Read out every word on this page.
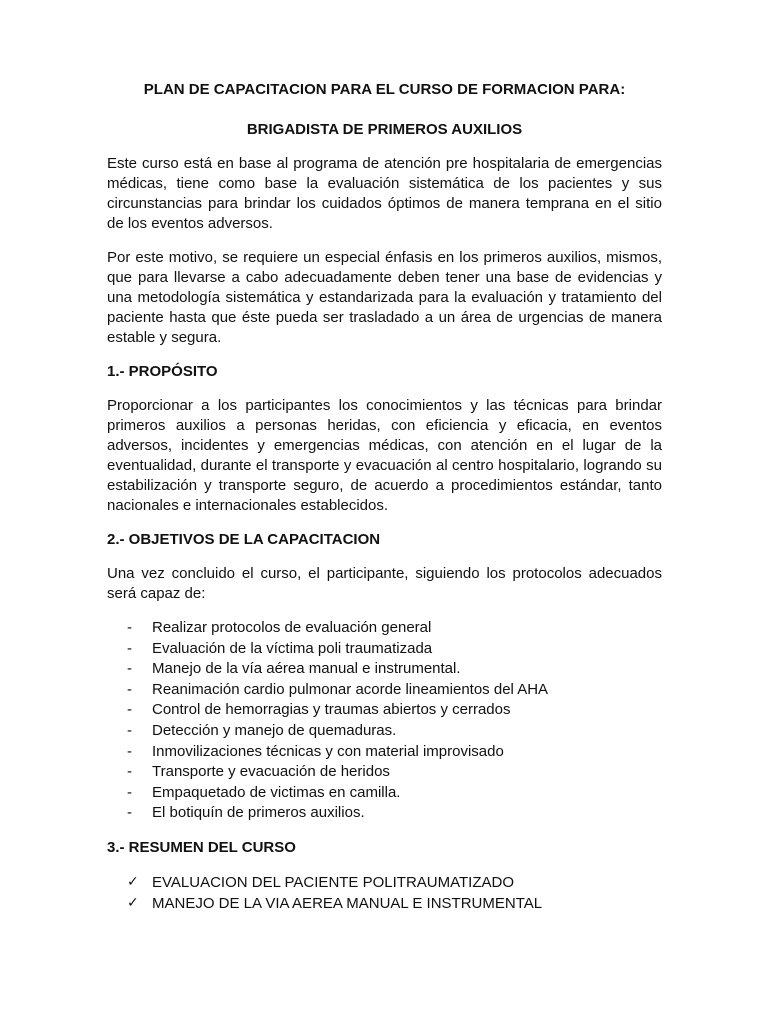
PLAN DE CAPACITACION PARA EL CURSO DE FORMACION PARA:

BRIGADISTA DE PRIMEROS AUXILIOS

Este curso está en base al programa de atención pre hospitalaria de emergencias médicas, tiene como base la evaluación sistemática de los pacientes y sus circunstancias para brindar los cuidados óptimos de manera temprana en el sitio de los eventos adversos.

Por este motivo, se requiere un especial énfasis en los primeros auxilios, mismos, que para llevarse a cabo adecuadamente deben tener una base de evidencias y una metodología sistemática y estandarizada para la evaluación y tratamiento del paciente hasta que éste pueda ser trasladado a un área de urgencias de manera estable y segura.

1.- PROPÓSITO

Proporcionar a los participantes los conocimientos y las técnicas para brindar primeros auxilios a personas heridas, con eficiencia y eficacia, en eventos adversos, incidentes y emergencias médicas, con atención en el lugar de la eventualidad, durante el transporte y evacuación al centro hospitalario, logrando su estabilización y transporte seguro, de acuerdo a procedimientos estándar, tanto nacionales e internacionales establecidos.

2.- OBJETIVOS DE LA CAPACITACION

Una vez concluido el curso, el participante, siguiendo los protocolos adecuados será capaz de:

- Realizar protocolos de evaluación general
- Evaluación de la víctima poli traumatizada
- Manejo de la vía aérea manual e instrumental.
- Reanimación cardio pulmonar acorde lineamientos del AHA
- Control de hemorragias y traumas abiertos y cerrados
- Detección y manejo de quemaduras.
- Inmovilizaciones técnicas y con material improvisado
- Transporte y evacuación de heridos
- Empaquetado de victimas en camilla.
- El botiquín de primeros auxilios.
3.- RESUMEN DEL CURSO
✓ EVALUACION DEL PACIENTE POLITRAUMATIZADO
✓ MANEJO DE LA VIA AEREA MANUAL E INSTRUMENTAL
